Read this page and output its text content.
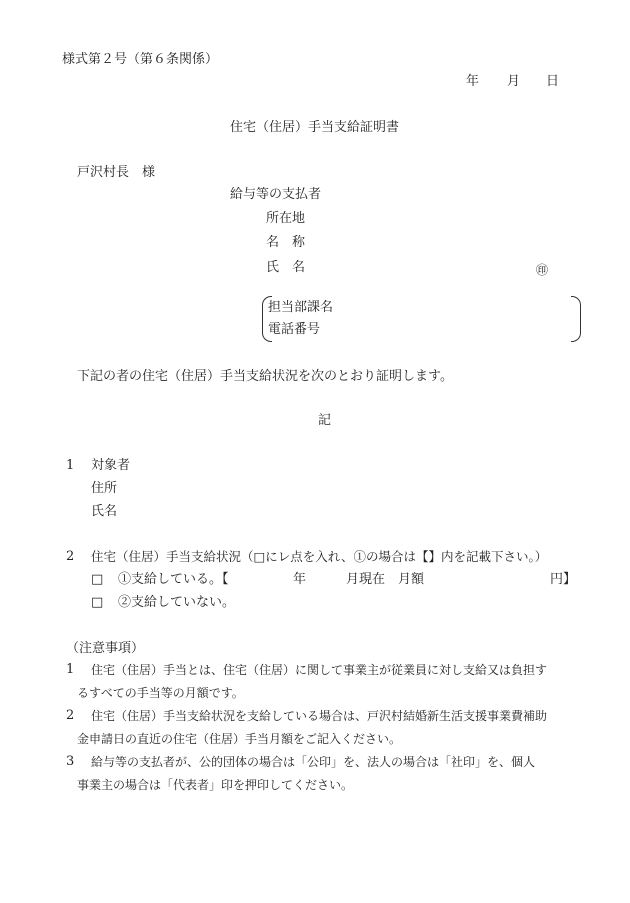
様式第２号（第６条関係）
年 月 日
住宅（住居）手当支給証明書
戸沢村長　様
給与等の支払者
所在地
名　称
氏　名	㊞
担当部課名
電話番号
下記の者の住宅（住居）手当支給状況を次のとおり証明します。
記
1 対象者
住所
氏名
2 住宅（住居）手当支給状況（□にレ点を入れ、①の場合は【】内を記載下さい。）
□ ①支給している。【	年	月現在　月額	円】
□ ②支給していない。
（注意事項）
1 住宅（住居）手当とは、住宅（住居）に関して事業主が従業員に対し支給又は負担す
るすべての手当等の月額です。
2 住宅（住居）手当支給状況を支給している場合は、戸沢村結婚新生活支援事業費補助
金申請日の直近の住宅（住居）手当月額をご記入ください。
3 給与等の支払者が、公的団体の場合は「公印」を、法人の場合は「社印」を、個人
事業主の場合は「代表者」印を押印してください。
